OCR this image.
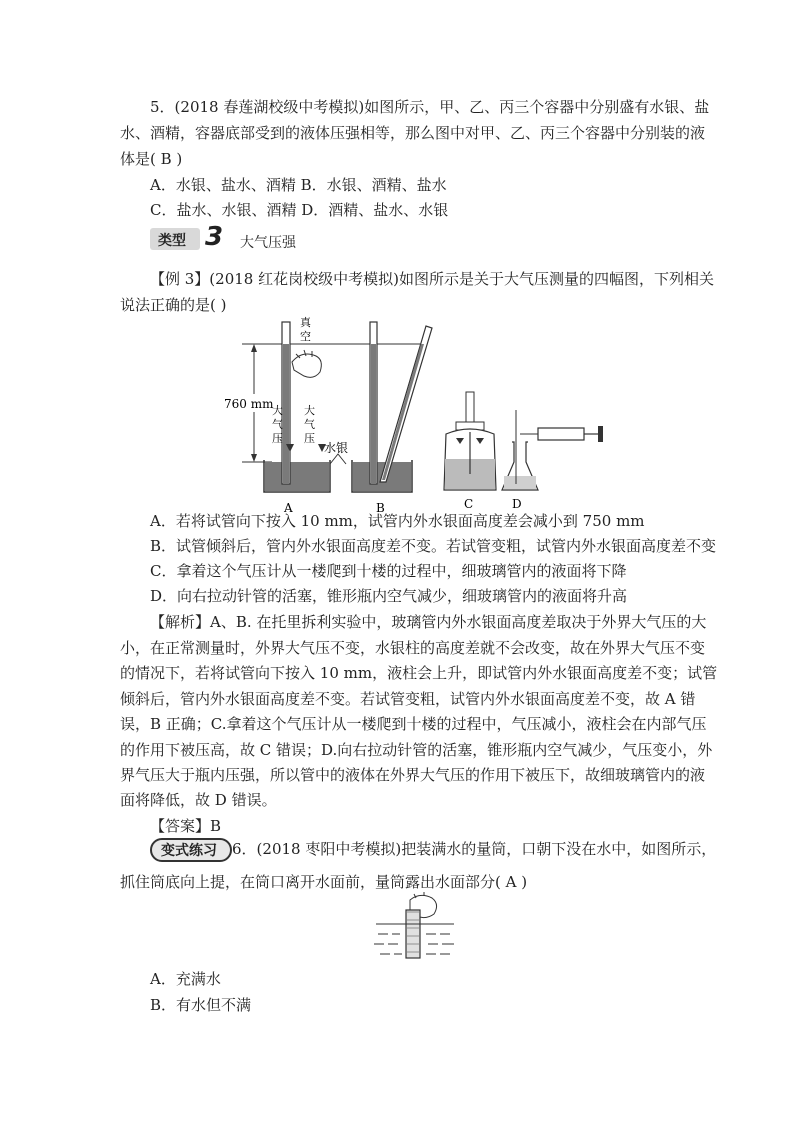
5．(2018 春莲湖校级中考模拟)如图所示，甲、乙、丙三个容器中分别盛有水银、盐
水、酒精，容器底部受到的液体压强相等，那么图中对甲、乙、丙三个容器中分别装的液
体是( B )
A．水银、盐水、酒精 B．水银、酒精、盐水
C．盐水、水银、酒精 D．酒精、盐水、水银
类型 3 大气压强
【例 3】(2018 红花岗校级中考模拟)如图所示是关于大气压测量的四幅图，下列相关
说法正确的是( )
760 mm
真
空
大
气
压
大
气
压
A
水银
B	C	D
A．若将试管向下按入 10 mm，试管内外水银面高度差会减小到 750 mm
B．试管倾斜后，管内外水银面高度差不变。若试管变粗，试管内外水银面高度差不变
C．拿着这个气压计从一楼爬到十楼的过程中，细玻璃管内的液面将下降
D．向右拉动针管的活塞，锥形瓶内空气减少，细玻璃管内的液面将升高
【解析】A、B. 在托里拆利实验中，玻璃管内外水银面高度差取决于外界大气压的大
小，在正常测量时，外界大气压不变，水银柱的高度差就不会改变，故在外界大气压不变
的情况下，若将试管向下按入 10 mm，液柱会上升，即试管内外水银面高度差不变；试管
倾斜后，管内外水银面高度差不变。若试管变粗，试管内外水银面高度差不变，故 A 错
误，B 正确；C.拿着这个气压计从一楼爬到十楼的过程中，气压减小，液柱会在内部气压
的作用下被压高，故 C 错误；D.向右拉动针管的活塞，锥形瓶内空气减少，气压变小，外
界气压大于瓶内压强，所以管中的液体在外界大气压的作用下被压下，故细玻璃管内的液
面将降低，故 D 错误。
【答案】B
变式练习 6．(2018 枣阳中考模拟)把装满水的量筒，口朝下没在水中，如图所示，
抓住筒底向上提，在筒口离开水面前，量筒露出水面部分( A )
A．充满水
B．有水但不满
